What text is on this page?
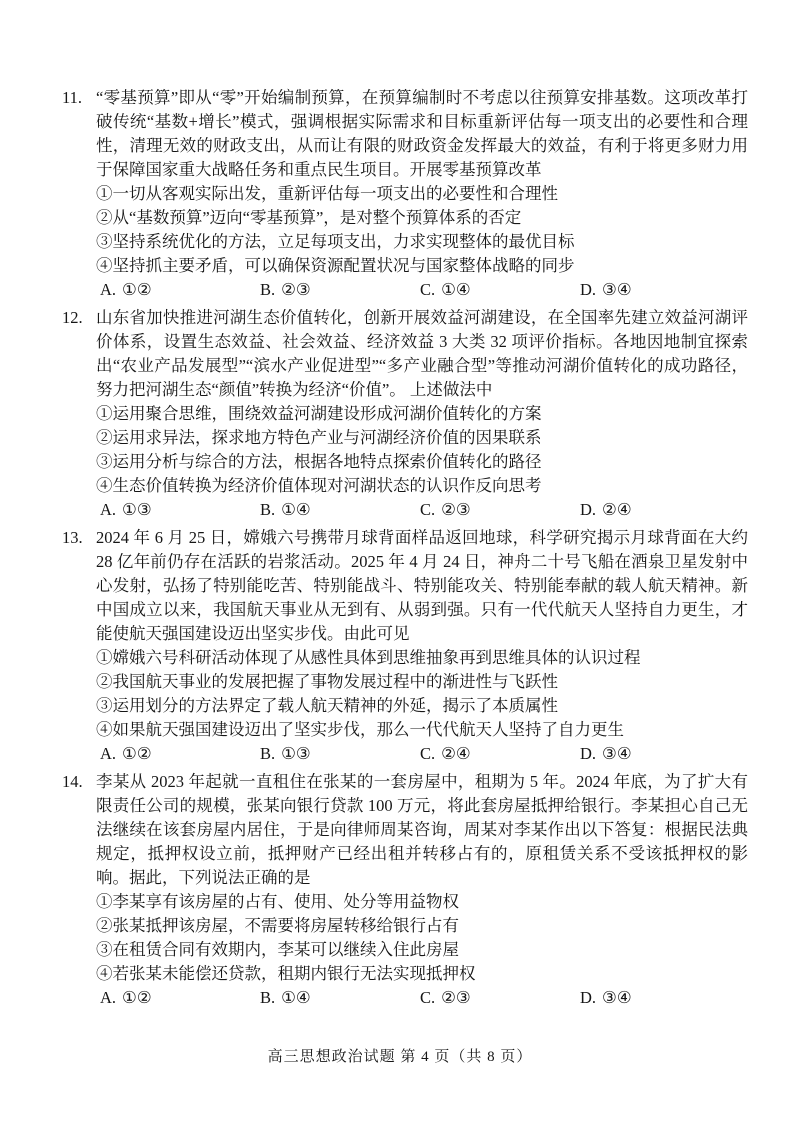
11. “零基预算”即从“零”开始编制预算，在预算编制时不考虑以往预算安排基数。这项改革打破传统“基数+增长”模式，强调根据实际需求和目标重新评估每一项支出的必要性和合理性，清理无效的财政支出，从而让有限的财政资金发挥最大的效益，有利于将更多财力用于保障国家重大战略任务和重点民生项目。开展零基预算改革

①一切从客观实际出发，重新评估每一项支出的必要性和合理性

②从“基数预算”迈向“零基预算”，是对整个预算体系的否定

③坚持系统优化的方法，立足每项支出，力求实现整体的最优目标

④坚持抓主要矛盾，可以确保资源配置状况与国家整体战略的同步

A. ①②	B. ②③	C. ①④	D. ③④
12. 山东省加快推进河湖生态价值转化，创新开展效益河湖建设，在全国率先建立效益河湖评价体系，设置生态效益、社会效益、经济效益 3 大类 32 项评价指标。各地因地制宜探索出“农业产品发展型”“滨水产业促进型”“多产业融合型”等推动河湖价值转化的成功路径，努力把河湖生态“颜值”转换为经济“价值”。 上述做法中

①运用聚合思维，围绕效益河湖建设形成河湖价值转化的方案

②运用求异法，探求地方特色产业与河湖经济价值的因果联系

③运用分析与综合的方法，根据各地特点探索价值转化的路径

④生态价值转换为经济价值体现对河湖状态的认识作反向思考

A. ①③	B. ①④	C. ②③	D. ②④
13. 2024 年 6 月 25 日，嫦娥六号携带月球背面样品返回地球，科学研究揭示月球背面在大约 28 亿年前仍存在活跃的岩浆活动。2025 年 4 月 24 日，神舟二十号飞船在酒泉卫星发射中心发射，弘扬了特别能吃苦、特别能战斗、特别能攻关、特别能奉献的载人航天精神。新中国成立以来，我国航天事业从无到有、从弱到强。只有一代代航天人坚持自力更生，才能使航天强国建设迈出坚实步伐。由此可见

①嫦娥六号科研活动体现了从感性具体到思维抽象再到思维具体的认识过程

②我国航天事业的发展把握了事物发展过程中的渐进性与飞跃性

③运用划分的方法界定了载人航天精神的外延，揭示了本质属性

④如果航天强国建设迈出了坚实步伐，那么一代代航天人坚持了自力更生

A. ①②	B. ①③	C. ②④	D. ③④
14. 李某从 2023 年起就一直租住在张某的一套房屋中，租期为 5 年。2024 年底，为了扩大有限责任公司的规模，张某向银行贷款 100 万元，将此套房屋抵押给银行。李某担心自己无法继续在该套房屋内居住，于是向律师周某咨询，周某对李某作出以下答复：根据民法典规定，抵押权设立前，抵押财产已经出租并转移占有的，原租赁关系不受该抵押权的影响。据此，下列说法正确的是

①李某享有该房屋的占有、使用、处分等用益物权

②张某抵押该房屋，不需要将房屋转移给银行占有

③在租赁合同有效期内，李某可以继续入住此房屋

④若张某未能偿还贷款，租期内银行无法实现抵押权

A. ①②	B. ①④	C. ②③	D. ③④
高三思想政治试题 第 4 页（共 8 页）
